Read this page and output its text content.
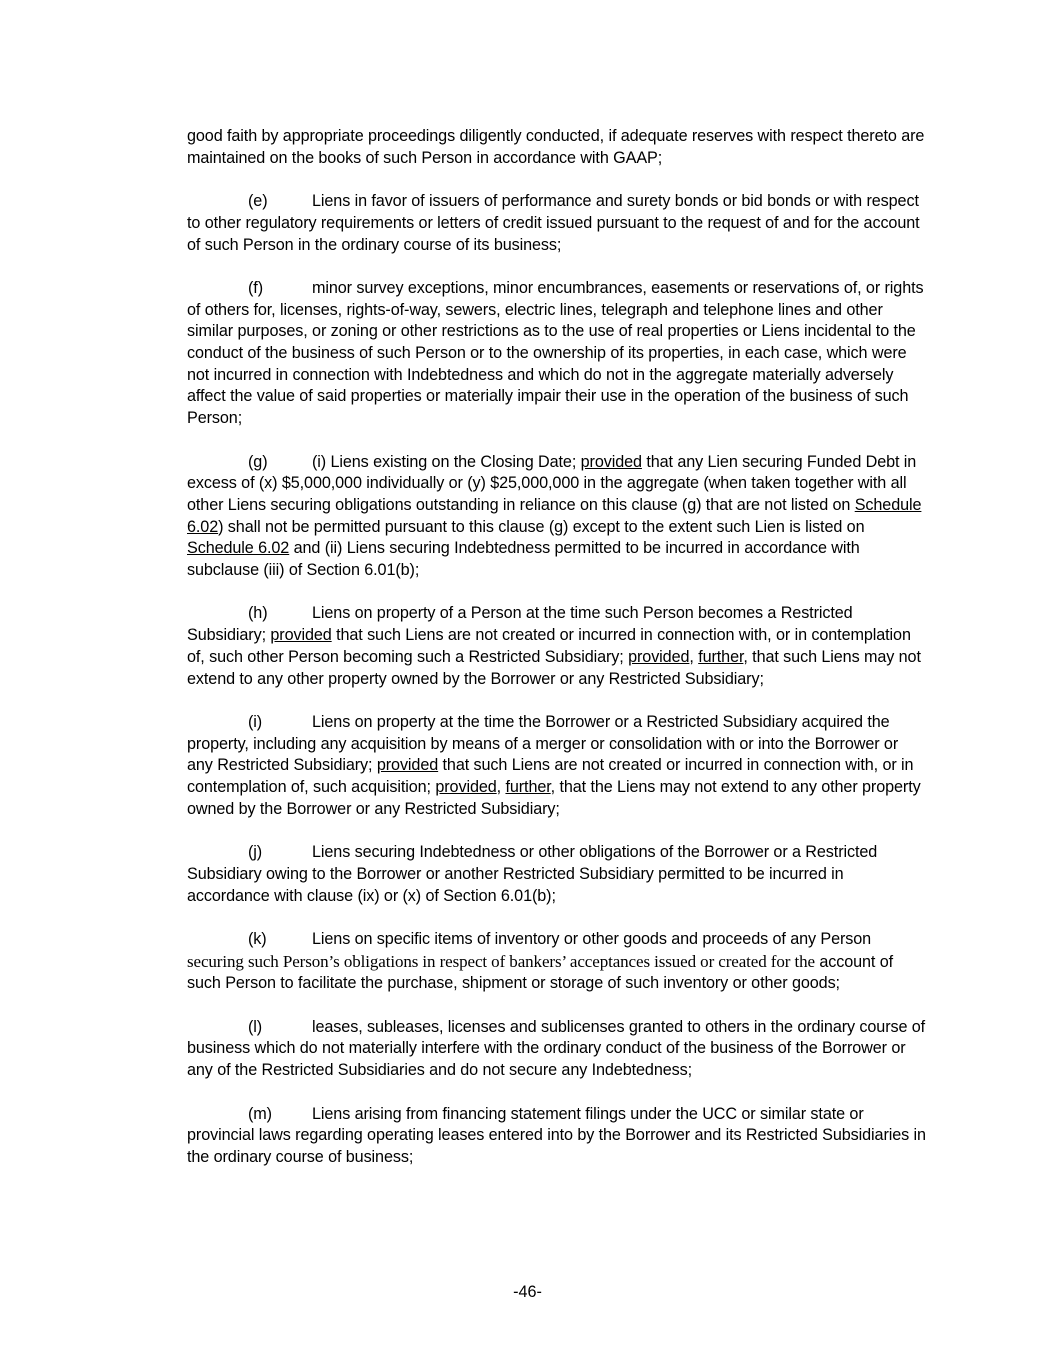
good faith by appropriate proceedings diligently conducted, if adequate reserves with respect thereto are maintained on the books of such Person in accordance with GAAP;

(e)	Liens in favor of issuers of performance and surety bonds or bid bonds or with respect to other regulatory requirements or letters of credit issued pursuant to the request of and for the account of such Person in the ordinary course of its business;

(f)	minor survey exceptions, minor encumbrances, easements or reservations of, or rights of others for, licenses, rights-of-way, sewers, electric lines, telegraph and telephone lines and other similar purposes, or zoning or other restrictions as to the use of real properties or Liens incidental to the conduct of the business of such Person or to the ownership of its properties, in each case, which were not incurred in connection with Indebtedness and which do not in the aggregate materially adversely affect the value of said properties or materially impair their use in the operation of the business of such Person;

(g)	(i) Liens existing on the Closing Date; provided that any Lien securing Funded Debt in excess of (x) $5,000,000 individually or (y) $25,000,000 in the aggregate (when taken together with all other Liens securing obligations outstanding in reliance on this clause (g) that are not listed on Schedule 6.02) shall not be permitted pursuant to this clause (g) except to the extent such Lien is listed on Schedule 6.02 and (ii) Liens securing Indebtedness permitted to be incurred in accordance with subclause (iii) of Section 6.01(b);

(h)	Liens on property of a Person at the time such Person becomes a Restricted Subsidiary; provided that such Liens are not created or incurred in connection with, or in contemplation of, such other Person becoming such a Restricted Subsidiary; provided, further, that such Liens may not extend to any other property owned by the Borrower or any Restricted Subsidiary;

(i)	Liens on property at the time the Borrower or a Restricted Subsidiary acquired the property, including any acquisition by means of a merger or consolidation with or into the Borrower or any Restricted Subsidiary; provided that such Liens are not created or incurred in connection with, or in contemplation of, such acquisition; provided, further, that the Liens may not extend to any other property owned by the Borrower or any Restricted Subsidiary;

(j)	Liens securing Indebtedness or other obligations of the Borrower or a Restricted Subsidiary owing to the Borrower or another Restricted Subsidiary permitted to be incurred in accordance with clause (ix) or (x) of Section 6.01(b);

(k)	Liens on specific items of inventory or other goods and proceeds of any Person securing such Person’s obligations in respect of bankers’ acceptances issued or created for the account of such Person to facilitate the purchase, shipment or storage of such inventory or other goods;

(l)	leases, subleases, licenses and sublicenses granted to others in the ordinary course of business which do not materially interfere with the ordinary conduct of the business of the Borrower or any of the Restricted Subsidiaries and do not secure any Indebtedness;

(m) Liens arising from financing statement filings under the UCC or similar state or provincial laws regarding operating leases entered into by the Borrower and its Restricted Subsidiaries in the ordinary course of business;

-46-
